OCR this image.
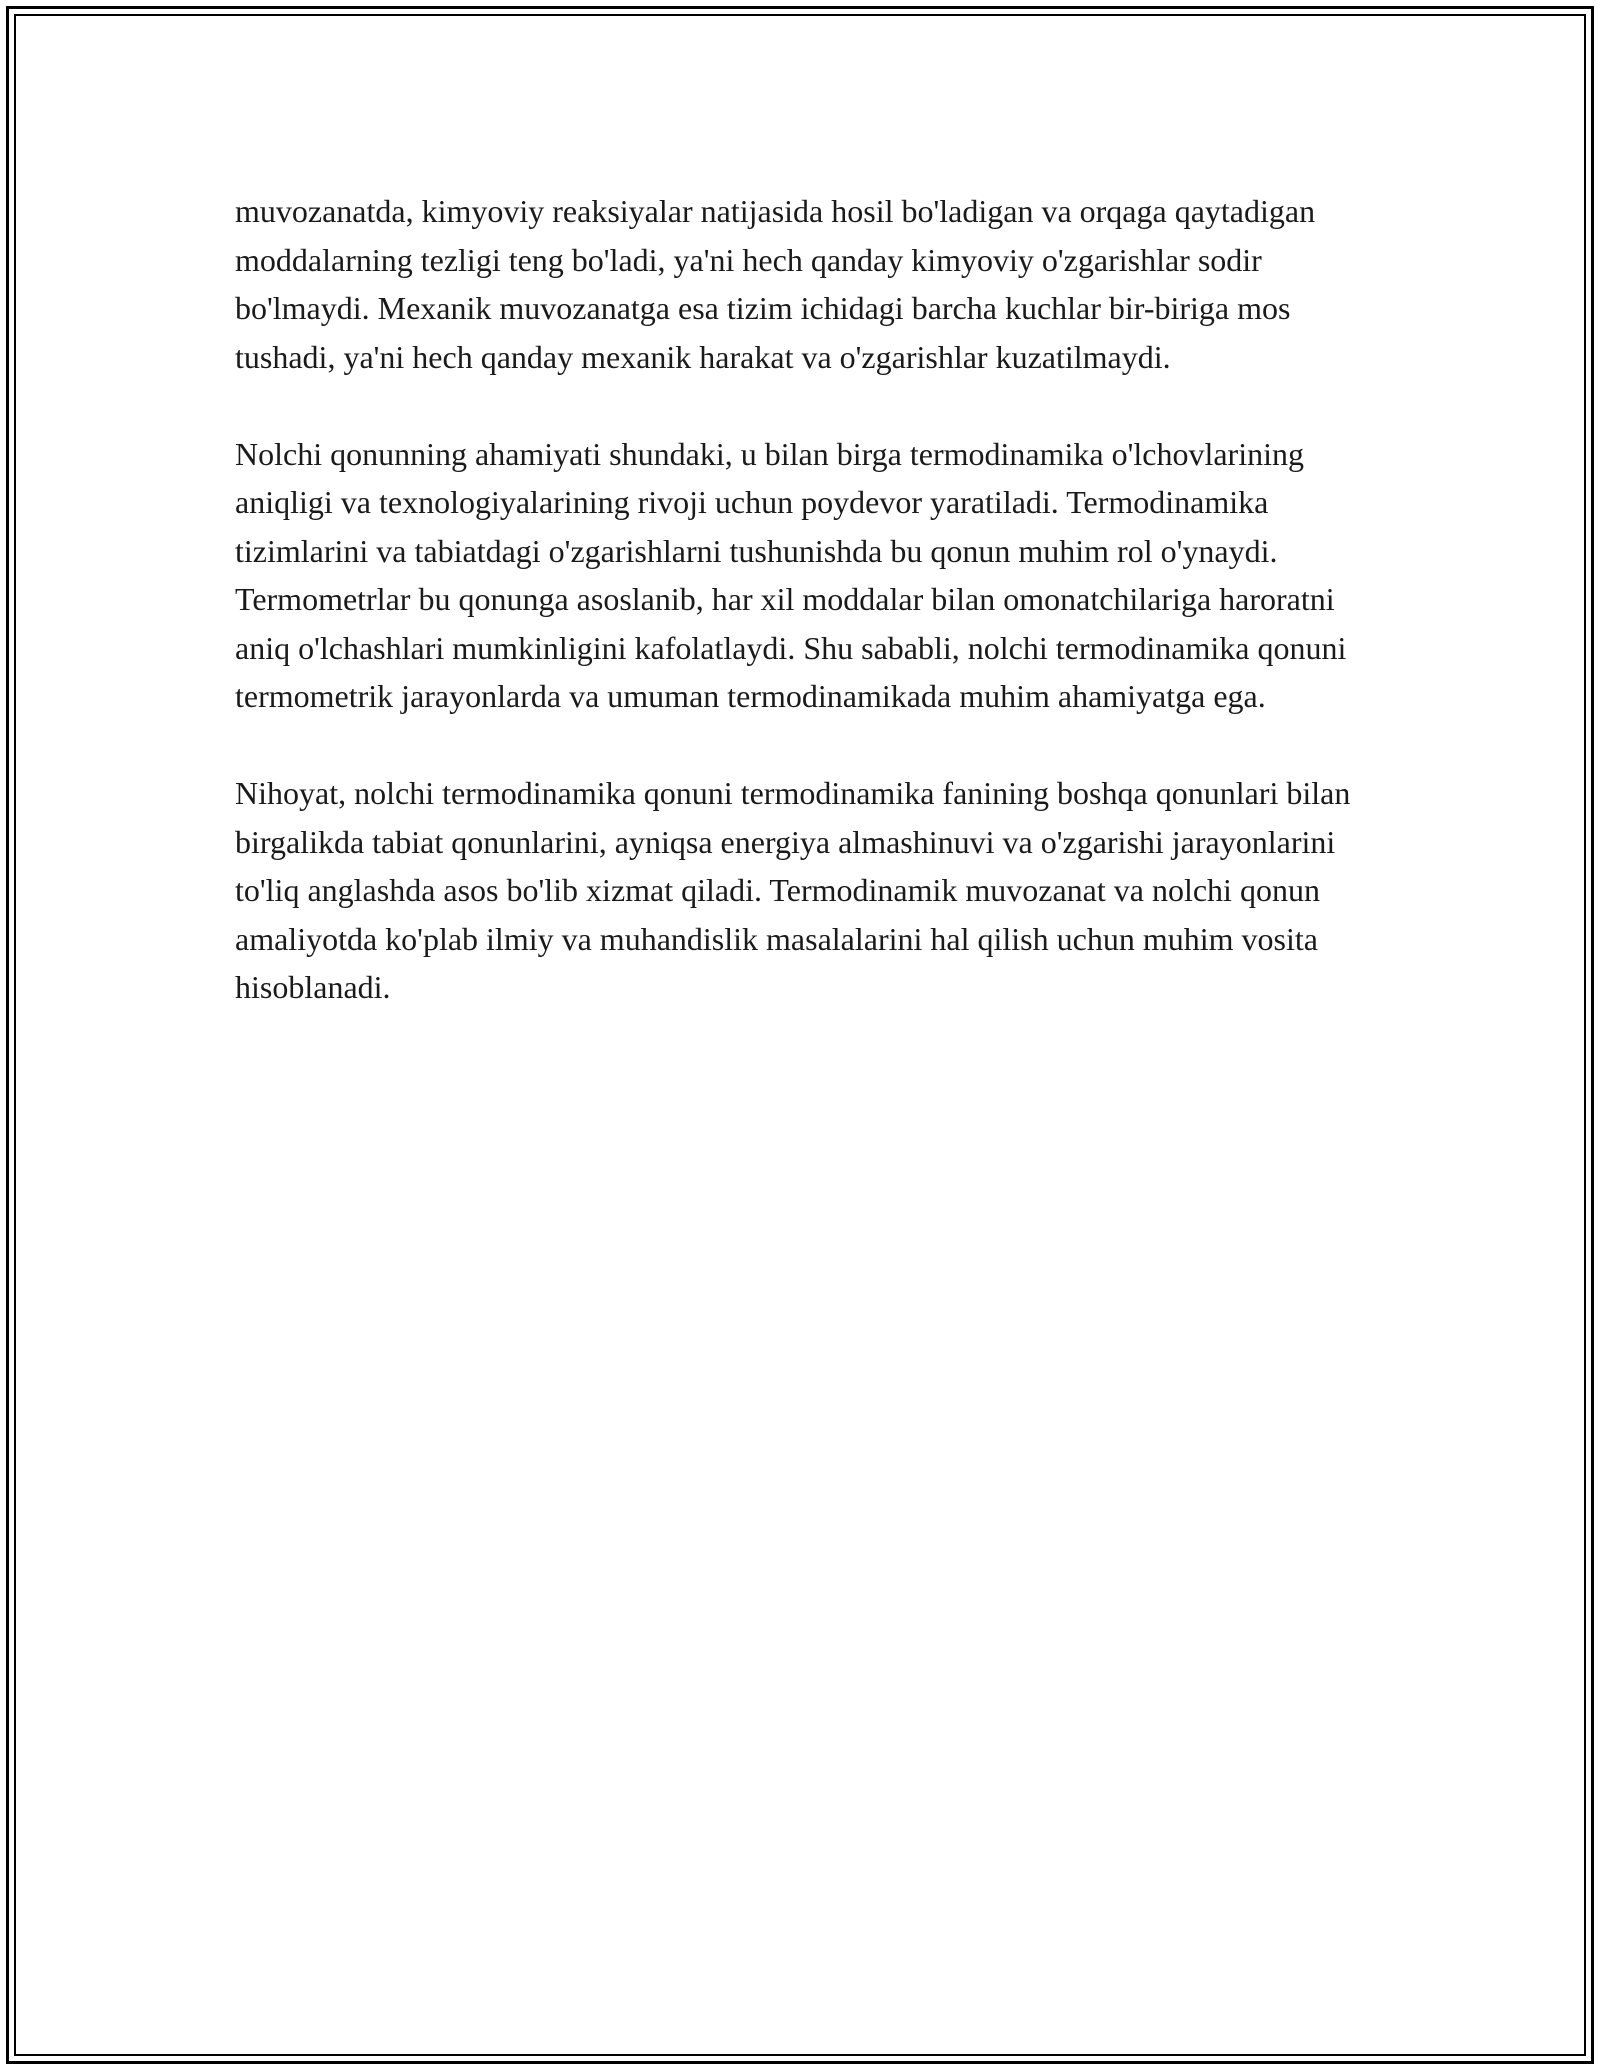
muvozanatda, kimyoviy reaksiyalar natijasida hosil bo'ladigan va orqaga qaytadigan moddalarning tezligi teng bo'ladi, ya'ni hech qanday kimyoviy o'zgarishlar sodir bo'lmaydi. Mexanik muvozanatga esa tizim ichidagi barcha kuchlar bir-biriga mos tushadi, ya'ni hech qanday mexanik harakat va o'zgarishlar kuzatilmaydi.

Nolchi qonunning ahamiyati shundaki, u bilan birga termodinamika o'lchovlarining aniqligi va texnologiyalarining rivoji uchun poydevor yaratiladi. Termodinamika tizimlarini va tabiatdagi o'zgarishlarni tushunishda bu qonun muhim rol o'ynaydi. Termometrlar bu qonunga asoslanib, har xil moddalar bilan omonatchilariga haroratni aniq o'lchashlari mumkinligini kafolatlaydi. Shu sababli, nolchi termodinamika qonuni termometrik jarayonlarda va umuman termodinamikada muhim ahamiyatga ega.

Nihoyat, nolchi termodinamika qonuni termodinamika fanining boshqa qonunlari bilan birgalikda tabiat qonunlarini, ayniqsa energiya almashinuvi va o'zgarishi jarayonlarini to'liq anglashda asos bo'lib xizmat qiladi. Termodinamik muvozanat va nolchi qonun amaliyotda ko'plab ilmiy va muhandislik masalalarini hal qilish uchun muhim vosita hisoblanadi.
